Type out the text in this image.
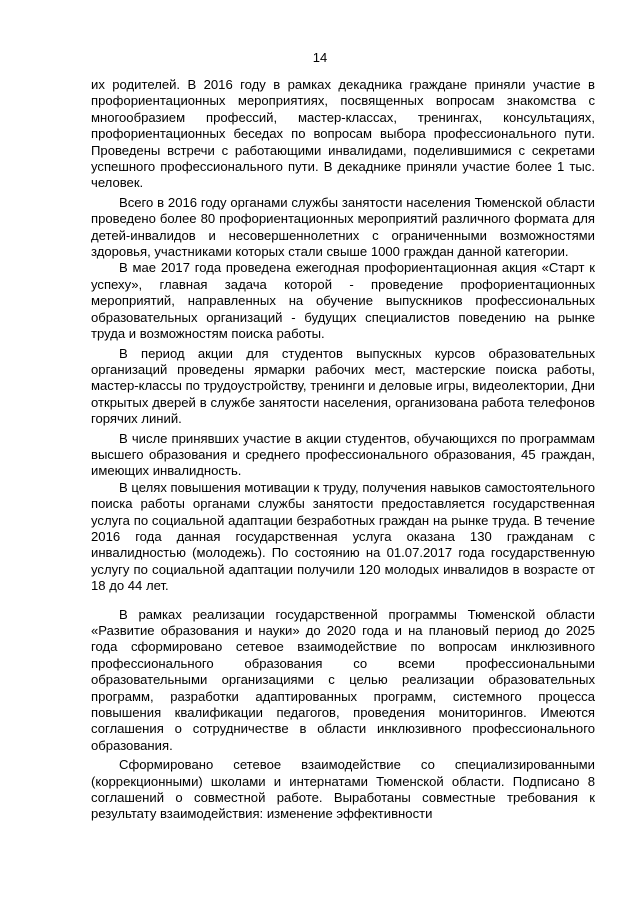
14

их родителей. В 2016 году в рамках декадника граждане приняли участие в профориентационных мероприятиях, посвященных вопросам знакомства с многообразием профессий, мастер-классах, тренингах, консультациях, профориентационных беседах по вопросам выбора профессионального пути. Проведены встречи с работающими инвалидами, поделившимися с секретами успешного профессионального пути. В декаднике приняли участие более 1 тыс. человек.

Всего в 2016 году органами службы занятости населения Тюменской области проведено более 80 профориентационных мероприятий различного формата для детей-инвалидов и несовершеннолетних с ограниченными возможностями здоровья, участниками которых стали свыше 1000 граждан данной категории.

В мае 2017 года проведена ежегодная профориентационная акция «Старт к успеху», главная задача которой - проведение профориентационных мероприятий, направленных на обучение выпускников профессиональных образовательных организаций - будущих специалистов поведению на рынке труда и возможностям поиска работы.

В период акции для студентов выпускных курсов образовательных организаций проведены ярмарки рабочих мест, мастерские поиска работы, мастер-классы по трудоустройству, тренинги и деловые игры, видеолектории, Дни открытых дверей в службе занятости населения, организована работа телефонов горячих линий.

В числе принявших участие в акции студентов, обучающихся по программам высшего образования и среднего профессионального образования, 45 граждан, имеющих инвалидность.

В целях повышения мотивации к труду, получения навыков самостоятельного поиска работы органами службы занятости предоставляется государственная услуга по социальной адаптации безработных граждан на рынке труда. В течение 2016 года данная государственная услуга оказана 130 гражданам с инвалидностью (молодежь). По состоянию на 01.07.2017 года государственную услугу по социальной адаптации получили 120 молодых инвалидов в возрасте от 18 до 44 лет.

В рамках реализации государственной программы Тюменской области «Развитие образования и науки» до 2020 года и на плановый период до 2025 года сформировано сетевое взаимодействие по вопросам инклюзивного профессионального образования со всеми профессиональными образовательными организациями с целью реализации образовательных программ, разработки адаптированных программ, системного процесса повышения квалификации педагогов, проведения мониторингов. Имеются соглашения о сотрудничестве в области инклюзивного профессионального образования.

Сформировано сетевое взаимодействие со специализированными (коррекционными) школами и интернатами Тюменской области. Подписано 8 соглашений о совместной работе. Выработаны совместные требования к результату взаимодействия: изменение эффективности
